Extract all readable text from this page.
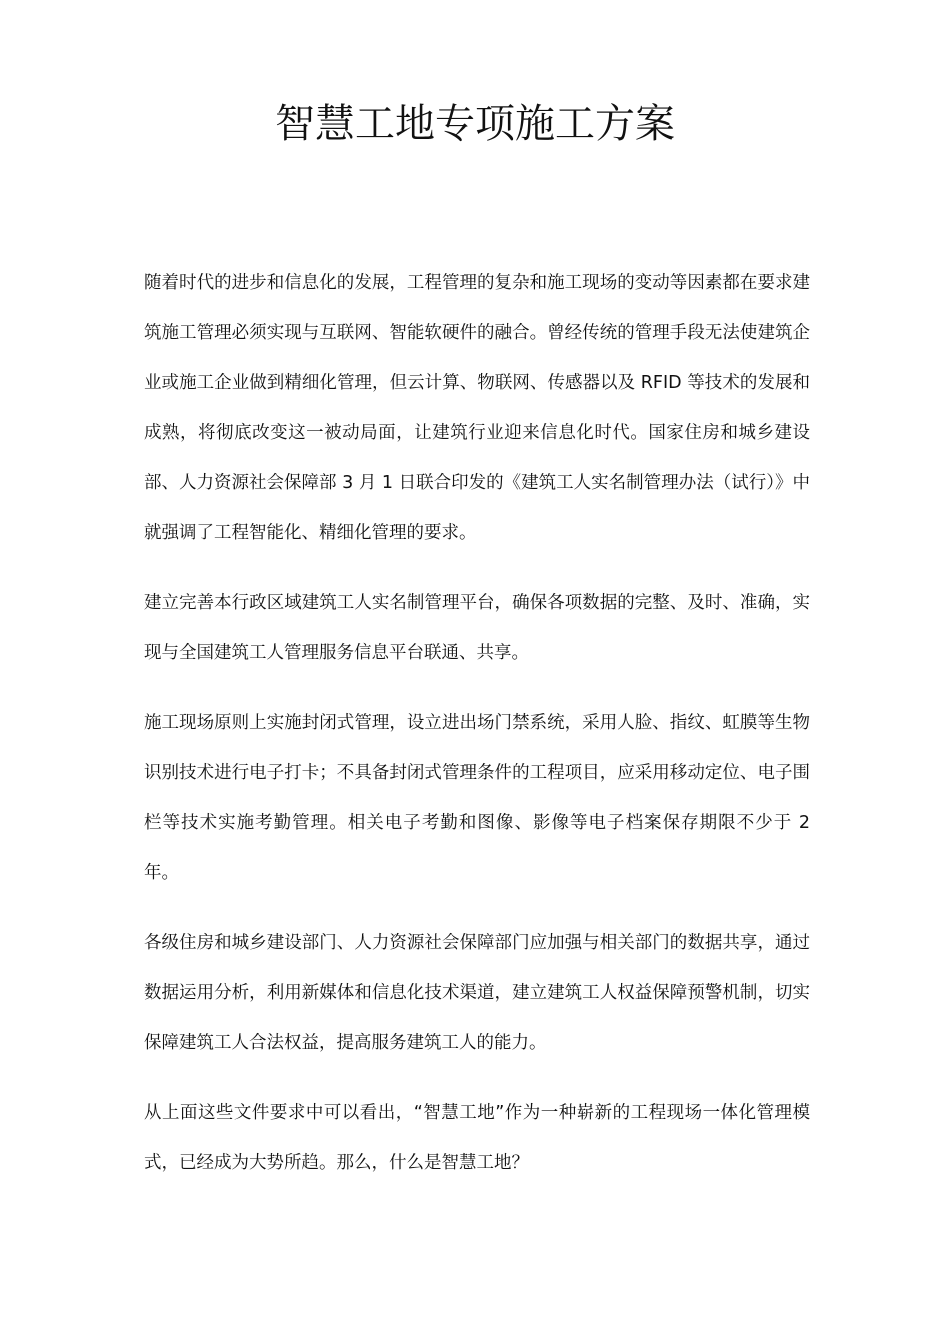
智慧工地专项施工方案

随着时代的进步和信息化的发展，工程管理的复杂和施工现场的变动等因素都在要求建筑施工管理必须实现与互联网、智能软硬件的融合。曾经传统的管理手段无法使建筑企业或施工企业做到精细化管理，但云计算、物联网、传感器以及 RFID 等技术的发展和成熟，将彻底改变这一被动局面，让建筑行业迎来信息化时代。国家住房和城乡建设部、人力资源社会保障部 3 月 1 日联合印发的《建筑工人实名制管理办法（试行）》中就强调了工程智能化、精细化管理的要求。

建立完善本行政区域建筑工人实名制管理平台，确保各项数据的完整、及时、准确，实现与全国建筑工人管理服务信息平台联通、共享。

施工现场原则上实施封闭式管理，设立进出场门禁系统，采用人脸、指纹、虹膜等生物识别技术进行电子打卡；不具备封闭式管理条件的工程项目，应采用移动定位、电子围栏等技术实施考勤管理。相关电子考勤和图像、影像等电子档案保存期限不少于 2 年。

各级住房和城乡建设部门、人力资源社会保障部门应加强与相关部门的数据共享，通过数据运用分析，利用新媒体和信息化技术渠道，建立建筑工人权益保障预警机制，切实保障建筑工人合法权益，提高服务建筑工人的能力。

从上面这些文件要求中可以看出，“智慧工地”作为一种崭新的工程现场一体化管理模式，已经成为大势所趋。那么，什么是智慧工地？
